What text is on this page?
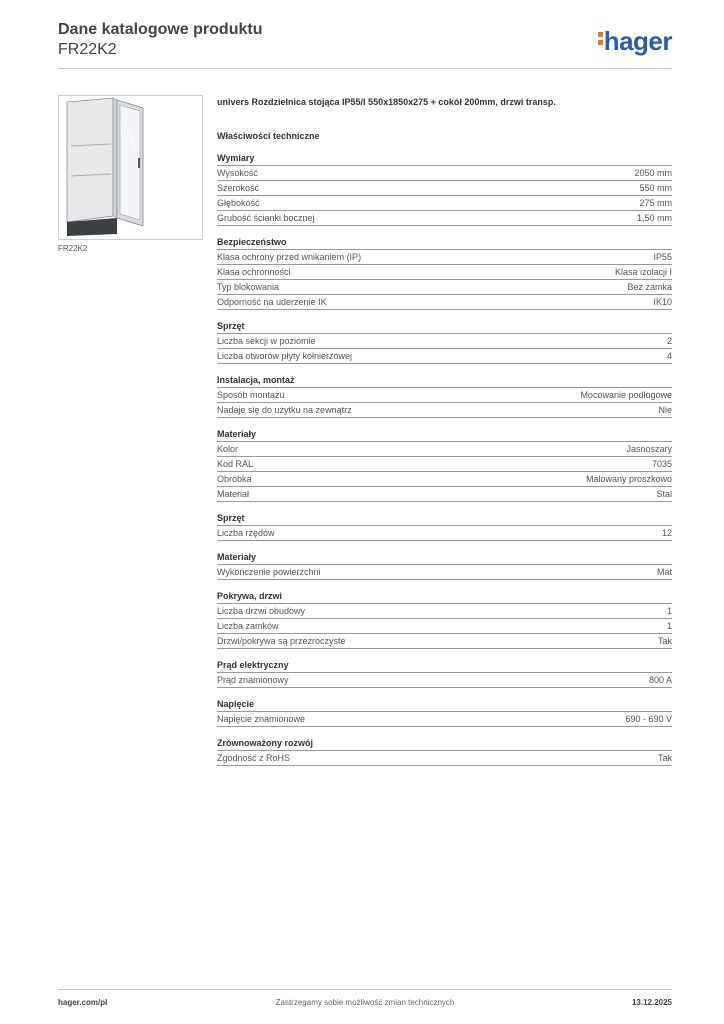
Dane katalogowe produktu
FR22K2	hager
FR22K2
univers Rozdzielnica stojąca IP55/I 550x1850x275 + cokół 200mm, drzwi transp.
Właściwości techniczne
Wymiary
Wysokość	2050 mm
Szerokość	550 mm
Głębokość	275 mm
Grubość ścianki bocznej	1,50 mm
Bezpieczeństwo
Klasa ochrony przed wnikaniem (IP)	IP55
Klasa ochronności	Klasa izolacji I
Typ blokowania	Bez zamka
Odporność na uderzenie IK	IK10
Sprzęt
Liczba sekcji w poziomie	2
Liczba otworów płyty kołnierzowej	4
Instalacja, montaż
Sposób montażu	Mocowanie podłogowe
Nadaje się do użytku na zewnątrz	Nie
Materiały
Kolor	Jasnoszary
Kod RAL	7035
Obróbka	Malowany proszkowo
Materiał	Stal
Sprzęt
Liczba rzędów	12
Materiały
Wykończenie powierzchni	Mat
Pokrywa, drzwi
Liczba drzwi obudowy	1
Liczba zamków	1
Drzwi/pokrywa są przezroczyste	Tak
Prąd elektryczny
Prąd znamionowy	800 A
Napięcie
Napięcie znamionowe	690 - 690 V
Zrównoważony rozwój
Zgodność z RoHS	Tak
hager.com/pl	Zastrzegamy sobie możliwość zmian technicznych	13.12.2025
